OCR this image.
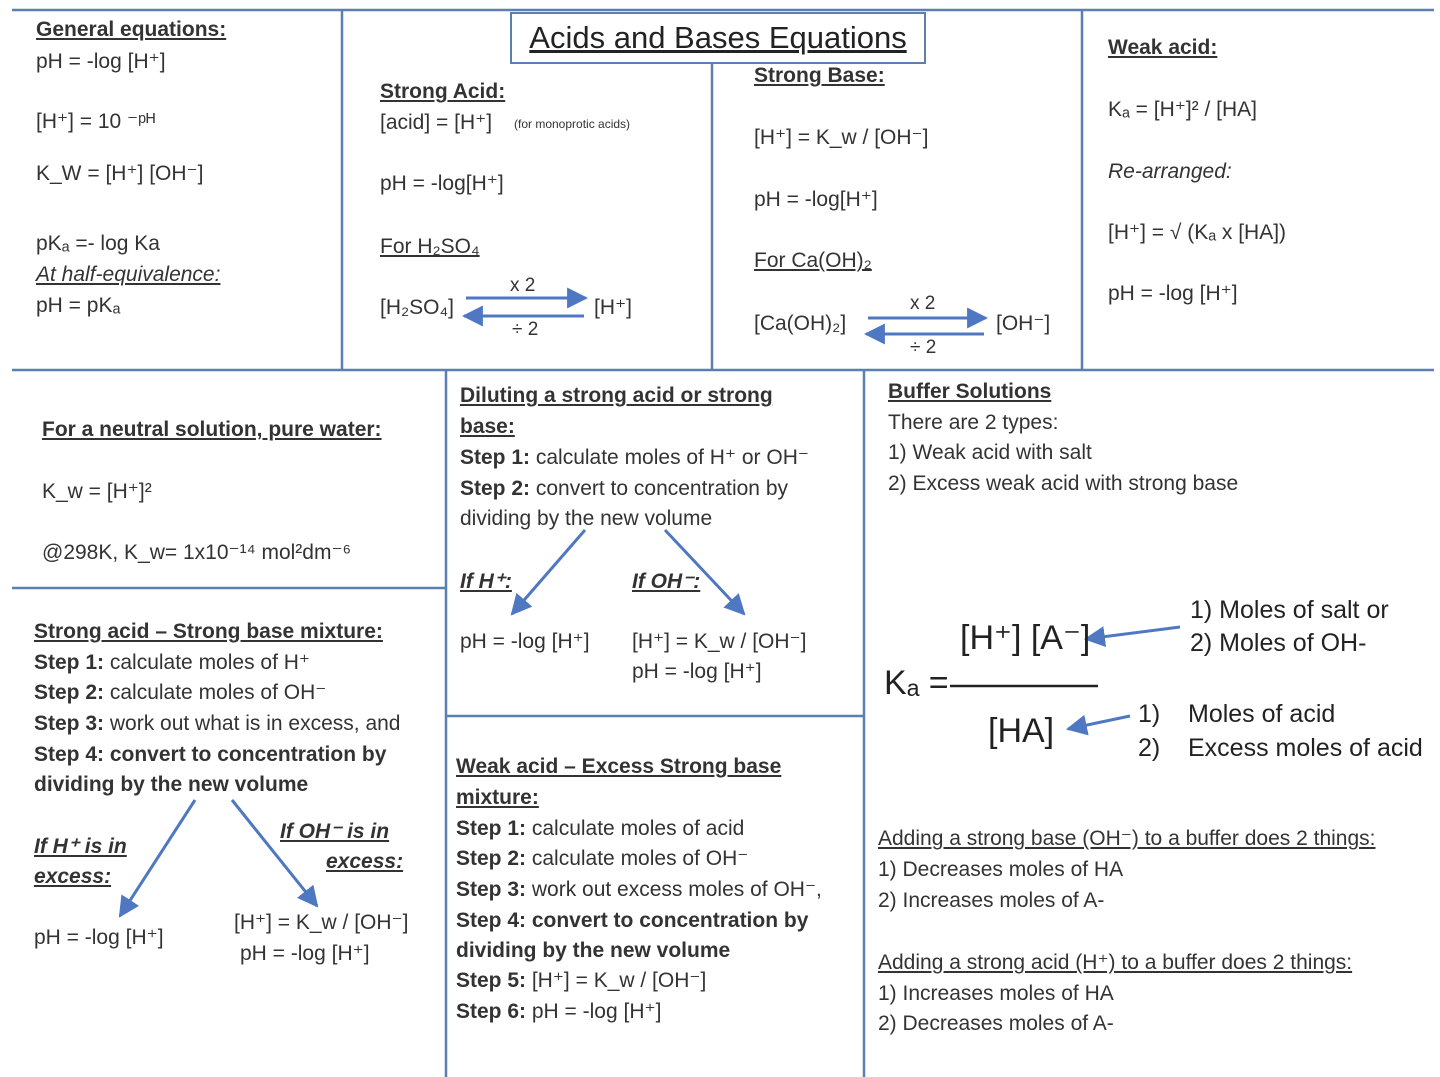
Acids and Bases Equations
General equations:
pH = -log [H⁺]
[H⁺] = 10 ⁻ᵖᴴ
K_W = [H⁺] [OH⁻]
pKₐ =- log Ka
At half-equivalence:
pH = pKₐ
Strong Acid:
[acid] = [H⁺] (for monoprotic acids)
pH = -log[H⁺]
For H₂SO₄
[H₂SO₄]	[H⁺]
x 2
÷ 2
Strong Base:
[H⁺] = K_w / [OH⁻]
pH = -log[H⁺]
For Ca(OH)₂
[Ca(OH)₂]	[OH⁻]
x 2
÷ 2
Weak acid:
Kₐ = [H⁺]² / [HA]
Re-arranged:
[H⁺] = √ (Kₐ x [HA])
pH = -log [H⁺]
For a neutral solution, pure water:
K_w = [H⁺]²
@298K, K_w= 1x10⁻¹⁴ mol²dm⁻⁶
Strong acid – Strong base mixture:
Step 1: calculate moles of H⁺
Step 2: calculate moles of OH⁻
Step 3: work out what is in excess, and
Step 4: convert to concentration by
dividing by the new volume
If H⁺ is in
excess:
If OH⁻ is in
excess:
pH = -log [H⁺]
[H⁺] = K_w / [OH⁻]
pH = -log [H⁺]
Diluting a strong acid or strong
base:
Step 1: calculate moles of H⁺ or OH⁻
Step 2: convert to concentration by
dividing by the new volume
If H⁺:	If OH⁻:
pH = -log [H⁺] [H⁺] = K_w / [OH⁻]
pH = -log [H⁺]
Weak acid – Excess Strong base
mixture:
Step 1: calculate moles of acid
Step 2: calculate moles of OH⁻
Step 3: work out excess moles of OH⁻,
Step 4: convert to concentration by
dividing by the new volume
Step 5: [H⁺] = K_w / [OH⁻]
Step 6: pH = -log [H⁺]
Buffer Solutions
There are 2 types:
1) Weak acid with salt
2) Excess weak acid with strong base
Kₐ =
[H⁺] [A⁻]
[HA]
1) Moles of salt or
2) Moles of OH-
1)
2)
Moles of acid
Excess moles of acid
Adding a strong base (OH⁻) to a buffer does 2 things:
1) Decreases moles of HA
2) Increases moles of A-
Adding a strong acid (H⁺) to a buffer does 2 things:
1) Increases moles of HA
2) Decreases moles of A-
